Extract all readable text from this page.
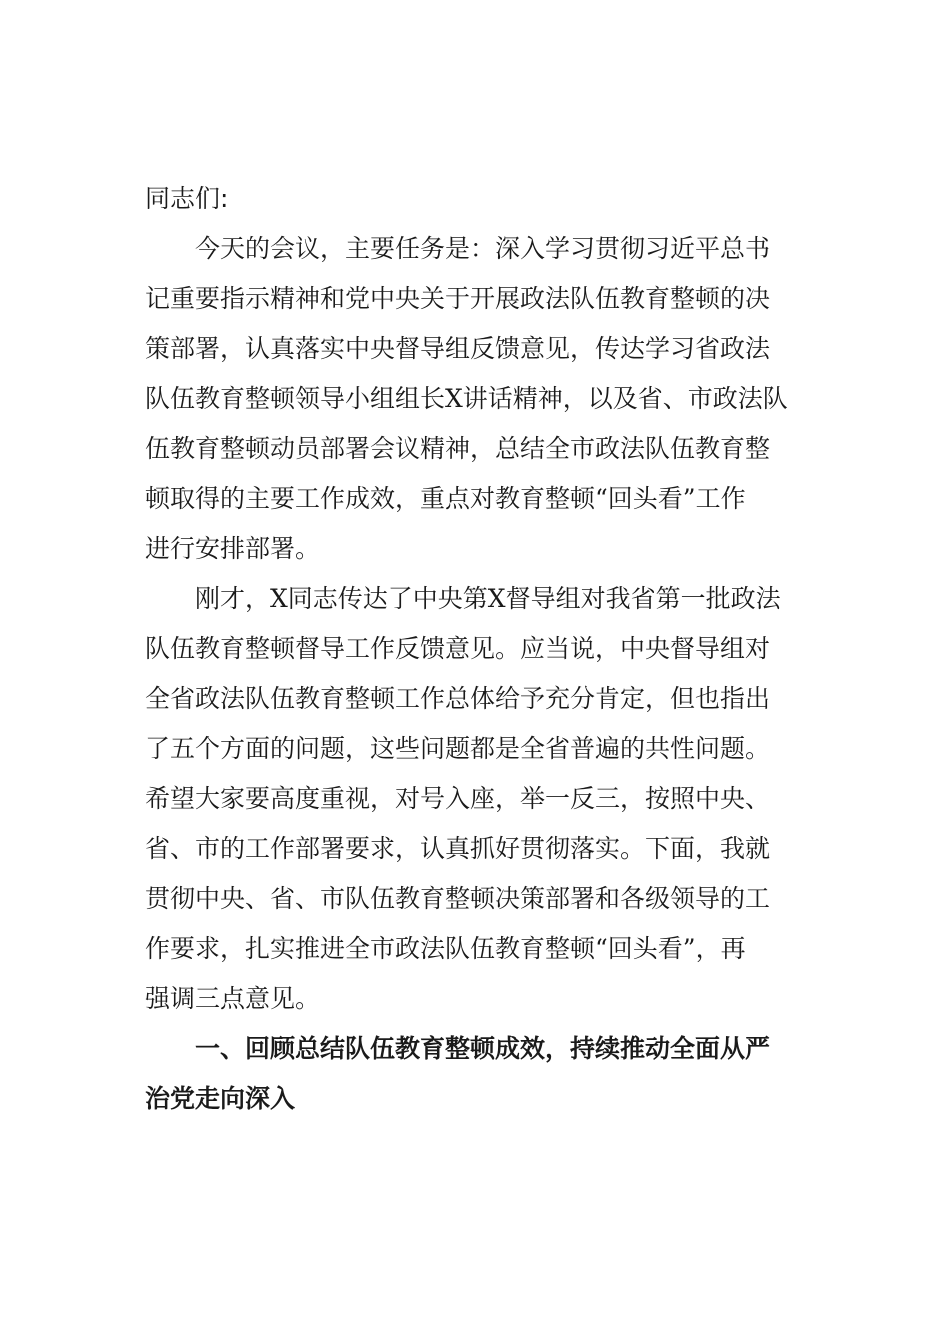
同志们:

今天的会议，主要任务是：深入学习贯彻习近平总书
记重要指示精神和党中央关于开展政法队伍教育整顿的决
策部署，认真落实中央督导组反馈意见，传达学习省政法
队伍教育整顿领导小组组长X讲话精神，以及省、市政法队
伍教育整顿动员部署会议精神，总结全市政法队伍教育整
顿取得的主要工作成效，重点对教育整顿“回头看”工作
进行安排部署。
刚才，X同志传达了中央第X督导组对我省第一批政法
队伍教育整顿督导工作反馈意见。应当说，中央督导组对
全省政法队伍教育整顿工作总体给予充分肯定，但也指出
了五个方面的问题，这些问题都是全省普遍的共性问题。
希望大家要高度重视，对号入座，举一反三，按照中央、
省、市的工作部署要求，认真抓好贯彻落实。下面，我就
贯彻中央、省、市队伍教育整顿决策部署和各级领导的工
作要求，扎实推进全市政法队伍教育整顿“回头看”，再
强调三点意见。
一、回顾总结队伍教育整顿成效，持续推动全面从严
治党走向深入
